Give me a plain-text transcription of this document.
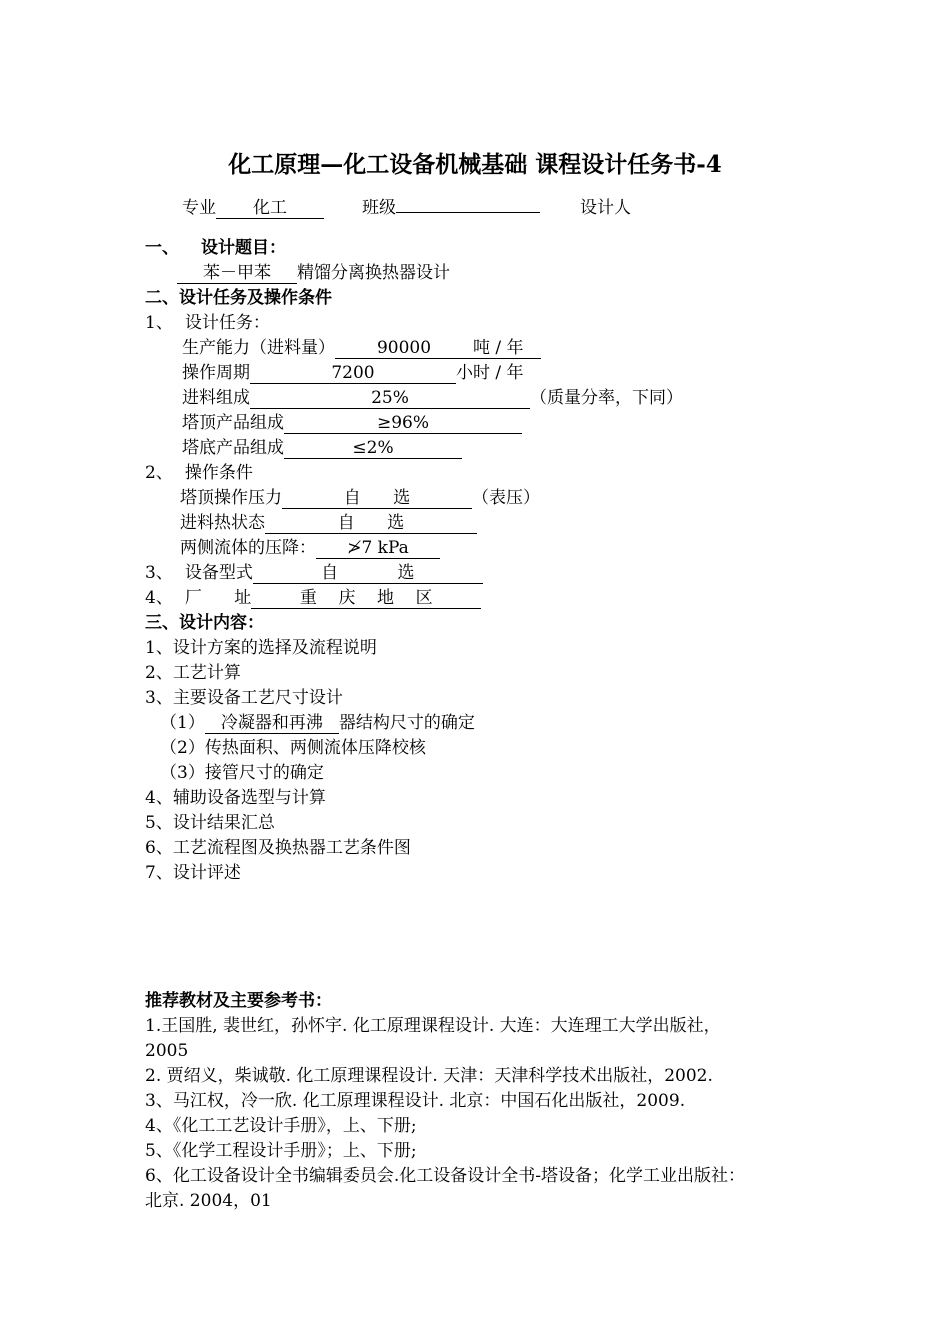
化工原理—化工设备机械基础 课程设计任务书-4
专业 化工	班级	设计人
一、 设计题目：
苯－甲苯 精馏分离换热器设计
二、设计任务及操作条件
1、 设计任务：
生产能力（进料量） 90000 吨 / 年
操作周期	7200	小时 / 年
进料组成	25%	（质量分率，下同）
塔顶产品组成	≥96%
塔底产品组成	≤2%
2、 操作条件
塔顶操作压力	自      选	（表压）
进料热状态	自      选
两侧流体的压降： ≯7 kPa
3、 设备型式	自           选
4、 厂      址	重    庆    地    区
三、设计内容：
1、设计方案的选择及流程说明
2、工艺计算
3、主要设备工艺尺寸设计
（1） 冷凝器和再沸 器结构尺寸的确定
（2）传热面积、两侧流体压降校核
（3）接管尺寸的确定
4、辅助设备选型与计算
5、设计结果汇总
6、工艺流程图及换热器工艺条件图
7、设计评述
推荐教材及主要参考书：
1.王国胜, 裴世红，孙怀宇. 化工原理课程设计. 大连：大连理工大学出版社，
2005
2. 贾绍义，柴诚敬. 化工原理课程设计. 天津：天津科学技术出版社，2002.
3、马江权，冷一欣. 化工原理课程设计. 北京：中国石化出版社，2009.
4、《化工工艺设计手册》，上、下册;
5、《化学工程设计手册》；上、下册;
6、化工设备设计全书编辑委员会.化工设备设计全书-塔设备；化学工业出版社：
北京. 2004，01
